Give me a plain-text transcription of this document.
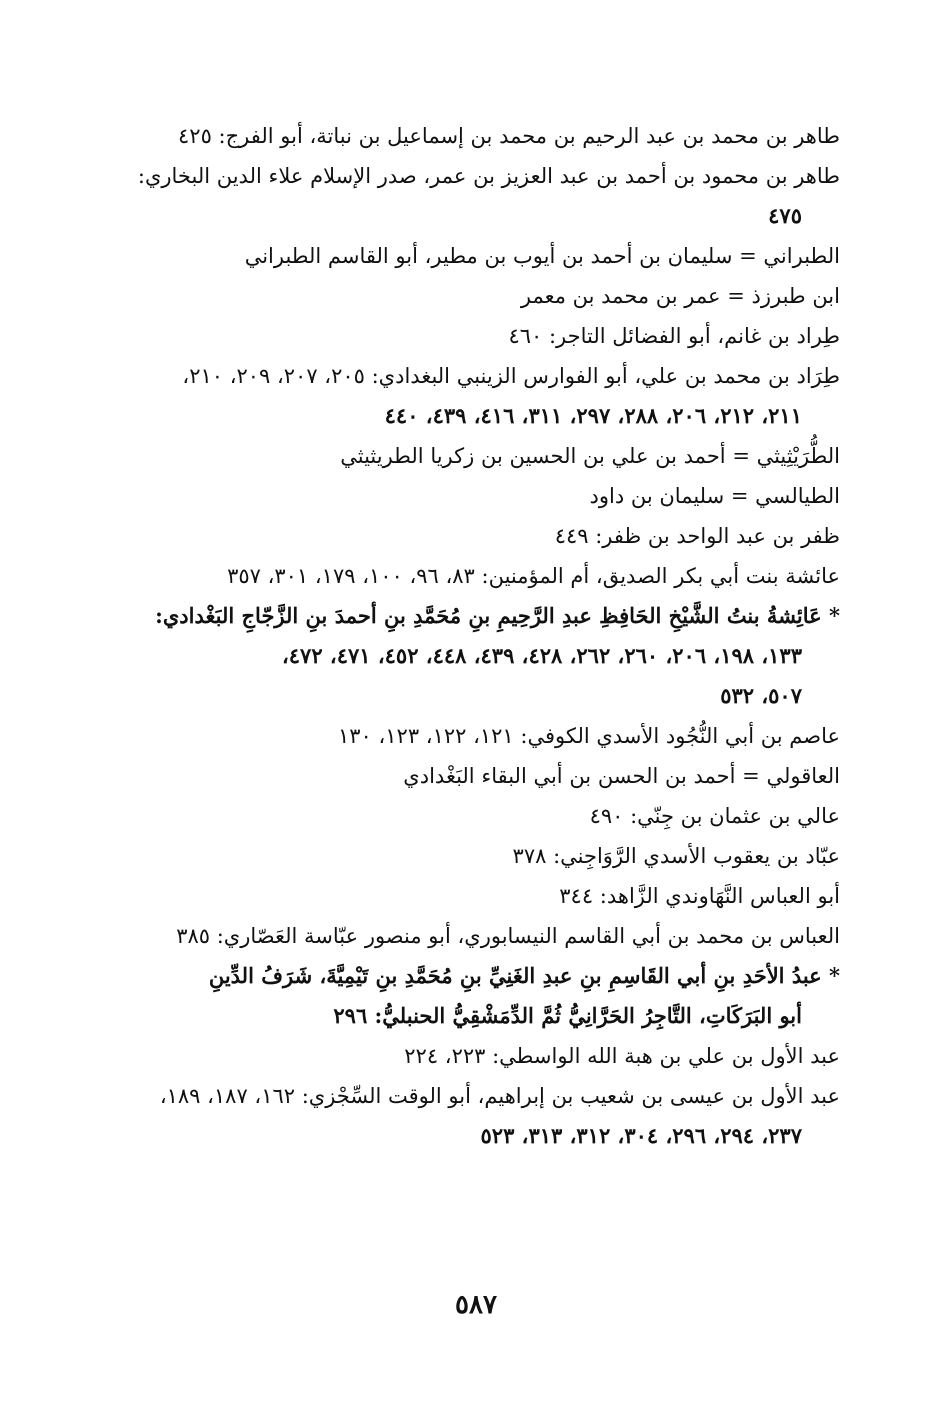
طاهر بن محمد بن عبد الرحيم بن محمد بن إسماعيل بن نباتة، أبو الفرج: ٤٢٥

طاهر بن محمود بن أحمد بن عبد العزيز بن عمر، صدر الإسلام علاء الدين البخاري:
٤٧٥

الطبراني = سليمان بن أحمد بن أيوب بن مطير، أبو القاسم الطبراني

ابن طبرزذ = عمر بن محمد بن معمر

طِراد بن غانم، أبو الفضائل التاجر: ٤٦٠

طِرَاد بن محمد بن علي، أبو الفوارس الزينبي البغدادي: ٢٠٥، ٢٠٧، ٢٠٩، ٢١٠،
٢١١، ٢١٢، ٢٠٦، ٢٨٨، ٢٩٧، ٣١١، ٤١٦، ٤٣٩، ٤٤٠

الطُّرَيْثِيثي = أحمد بن علي بن الحسين بن زكريا الطريثيثي

الطيالسي = سليمان بن داود

ظفر بن عبد الواحد بن ظفر: ٤٤٩

عائشة بنت أبي بكر الصديق، أم المؤمنين: ٨٣، ٩٦، ١٠٠، ١٧٩، ٣٠١، ٣٥٧

* عَائِشةُ بنتُ الشَّيْخِ الحَافِظِ عبدِ الرَّحِيمِ بنِ مُحَمَّدِ بنِ أحمدَ بنِ الزَّجّاجِ البَغْدادي:
١٣٣، ١٩٨، ٢٠٦، ٢٦٠، ٢٦٢، ٤٢٨، ٤٣٩، ٤٤٨، ٤٥٢، ٤٧١، ٤٧٢،
٥٠٧، ٥٣٢

عاصم بن أبي النُّجُود الأسدي الكوفي: ١٢١، ١٢٢، ١٢٣، ١٣٠

العاقولي = أحمد بن الحسن بن أبي البقاء البَغْدادي

عالي بن عثمان بن جِنّي: ٤٩٠

عبّاد بن يعقوب الأسدي الرَّوَاجِني: ٣٧٨

أبو العباس النَّهَاوندي الزَّاهد: ٣٤٤

العباس بن محمد بن أبي القاسم النيسابوري، أبو منصور عبّاسة العَصّاري: ٣٨٥

* عبدُ الأحَدِ بنِ أبي القَاسِمِ بنِ عبدِ الغَنِيِّ بنِ مُحَمَّدِ بنِ تَيْمِيَّةَ، شَرَفُ الدِّينِ
أبو البَرَكَاتِ، التَّاجِرُ الحَرَّانِيُّ ثُمَّ الدِّمَشْقِيُّ الحنبليُّ: ٢٩٦

عبد الأول بن علي بن هبة الله الواسطي: ٢٢٣، ٢٢٤

عبد الأول بن عيسى بن شعيب بن إبراهيم، أبو الوقت السِّجْزي: ١٦٢، ١٨٧، ١٨٩،
٢٣٧، ٢٩٤، ٢٩٦، ٣٠٤، ٣١٢، ٣١٣، ٥٢٣

٥٨٧
